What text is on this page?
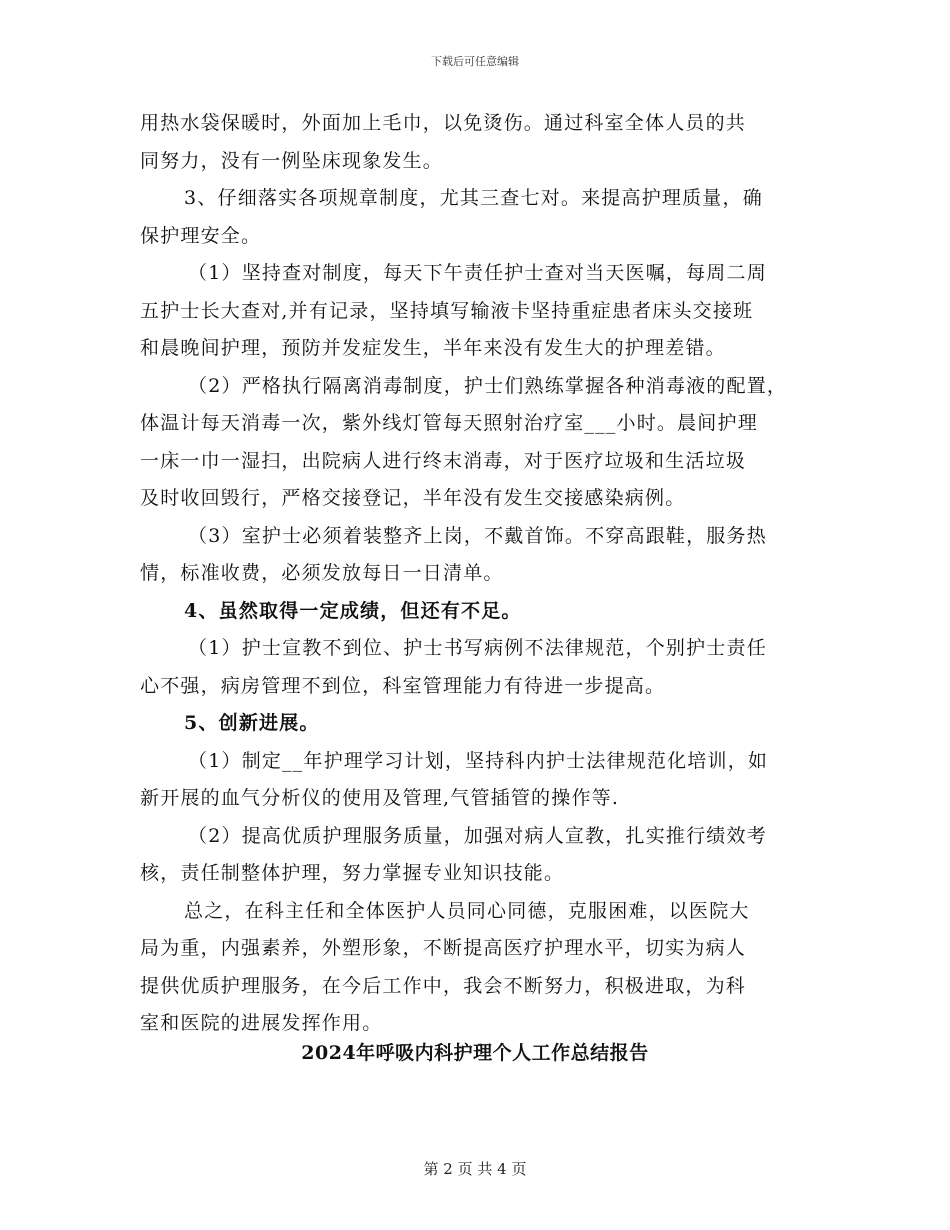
下载后可任意编辑
用热水袋保暖时，外面加上毛巾，以免烫伤。通过科室全体人员的共
同努力，没有一例坠床现象发生。
3、仔细落实各项规章制度，尤其三查七对。来提高护理质量，确
保护理安全。
（1）坚持查对制度，每天下午责任护士查对当天医嘱，每周二周
五护士长大查对,并有记录，坚持填写输液卡坚持重症患者床头交接班
和晨晚间护理，预防并发症发生，半年来没有发生大的护理差错。
（2）严格执行隔离消毒制度，护士们熟练掌握各种消毒液的配置，
体温计每天消毒一次，紫外线灯管每天照射治疗室___小时。晨间护理
一床一巾一湿扫，出院病人进行终末消毒，对于医疗垃圾和生活垃圾
及时收回毁行，严格交接登记，半年没有发生交接感染病例。
（3）室护士必须着装整齐上岗，不戴首饰。不穿高跟鞋，服务热
情，标准收费，必须发放每日一日清单。
4、虽然取得一定成绩，但还有不足。
（1）护士宣教不到位、护士书写病例不法律规范，个别护士责任
心不强，病房管理不到位，科室管理能力有待进一步提高。
5、创新进展。
（1）制定__年护理学习计划，坚持科内护士法律规范化培训，如
新开展的血气分析仪的使用及管理,气管插管的操作等.
（2）提高优质护理服务质量，加强对病人宣教，扎实推行绩效考
核，责任制整体护理，努力掌握专业知识技能。
总之，在科主任和全体医护人员同心同德，克服困难，以医院大
局为重，内强素养，外塑形象，不断提高医疗护理水平，切实为病人
提供优质护理服务，在今后工作中，我会不断努力，积极进取，为科
室和医院的进展发挥作用。
2024年呼吸内科护理个人工作总结报告
第 2 页 共 4 页
